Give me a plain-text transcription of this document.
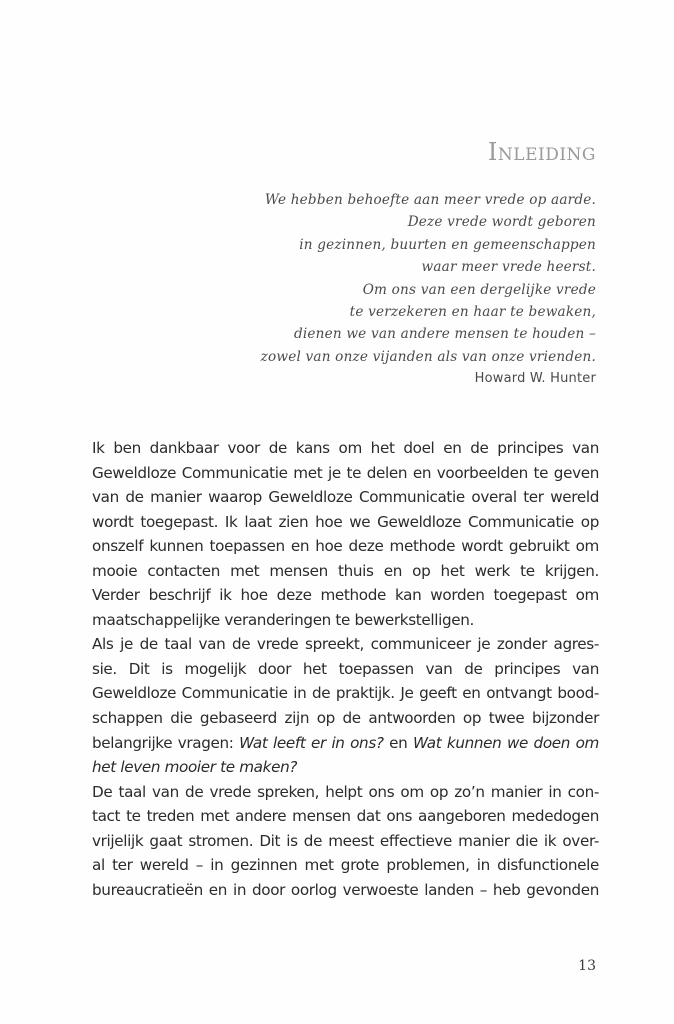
Inleiding
We hebben behoefte aan meer vrede op aarde.
Deze vrede wordt geboren
in gezinnen, buurten en gemeenschappen
waar meer vrede heerst.
Om ons van een dergelijke vrede
te verzekeren en haar te bewaken,
dienen we van andere mensen te houden –
zowel van onze vijanden als van onze vrienden.
Howard W. Hunter
Ik ben dankbaar voor de kans om het doel en de principes van
Geweldloze Communicatie met je te delen en voorbeelden te geven
van de manier waarop Geweldloze Communicatie overal ter wereld
wordt toegepast. Ik laat zien hoe we Geweldloze Communicatie op
onszelf kunnen toepassen en hoe deze methode wordt gebruikt om
mooie contacten met mensen thuis en op het werk te krijgen.
Verder beschrijf ik hoe deze methode kan worden toegepast om
maatschappelijke veranderingen te bewerkstelligen.
Als je de taal van de vrede spreekt, communiceer je zonder agres-
sie. Dit is mogelijk door het toepassen van de principes van
Geweldloze Communicatie in de praktijk. Je geeft en ontvangt bood-
schappen die gebaseerd zijn op de antwoorden op twee bijzonder
belangrijke vragen: Wat leeft er in ons? en Wat kunnen we doen om
het leven mooier te maken?
De taal van de vrede spreken, helpt ons om op zo’n manier in con-
tact te treden met andere mensen dat ons aangeboren mededogen
vrijelijk gaat stromen. Dit is de meest effectieve manier die ik over-
al ter wereld – in gezinnen met grote problemen, in disfunctionele
bureaucratieën en in door oorlog verwoeste landen – heb gevonden
13
